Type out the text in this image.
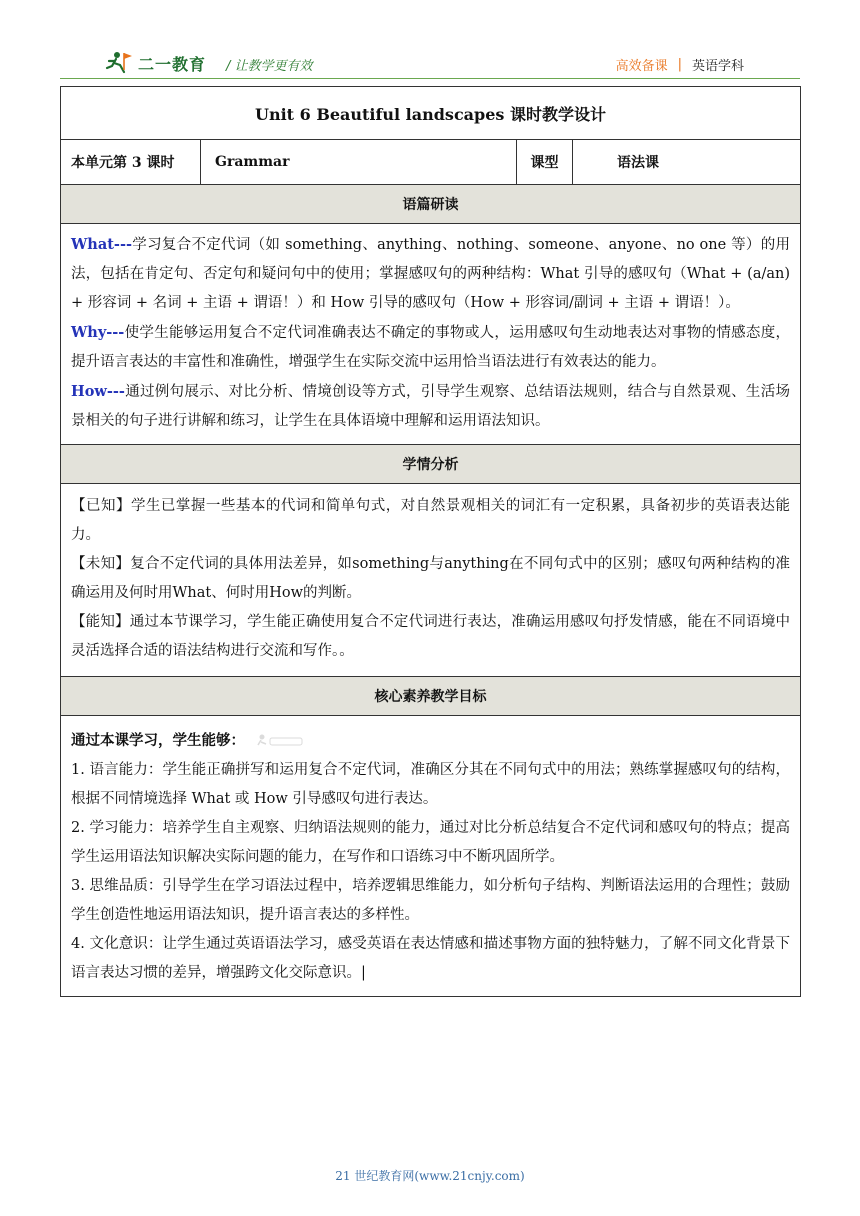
二一教育 / 让教学更有效	高效备课 | 英语学科
Unit 6 Beautiful landscapes 课时教学设计
本单元第 3 课时	Grammar	课型	语法课
语篇研读

What---学习复合不定代词（如 something、anything、nothing、someone、anyone、no one 等）的用法，包括在肯定句、否定句和疑问句中的使用；掌握感叹句的两种结构：What 引导的感叹句（What + (a/an) + 形容词 + 名词 + 主语 + 谓语！）和 How 引导的感叹句（How + 形容词/副词 + 主语 + 谓语！）。

Why---使学生能够运用复合不定代词准确表达不确定的事物或人，运用感叹句生动地表达对事物的情感态度，提升语言表达的丰富性和准确性，增强学生在实际交流中运用恰当语法进行有效表达的能力。

How---通过例句展示、对比分析、情境创设等方式，引导学生观察、总结语法规则，结合与自然景观、生活场景相关的句子进行讲解和练习，让学生在具体语境中理解和运用语法知识。

学情分析

【已知】学生已掌握一些基本的代词和简单句式，对自然景观相关的词汇有一定积累，具备初步的英语表达能力。

【未知】复合不定代词的具体用法差异，如something与anything在不同句式中的区别；感叹句两种结构的准确运用及何时用What、何时用How的判断。

【能知】通过本节课学习，学生能正确使用复合不定代词进行表达，准确运用感叹句抒发情感，能在不同语境中灵活选择合适的语法结构进行交流和写作。。

核心素养教学目标

通过本课学习，学生能够：

1. 语言能力：学生能正确拼写和运用复合不定代词，准确区分其在不同句式中的用法；熟练掌握感叹句的结构，根据不同情境选择 What 或 How 引导感叹句进行表达。

2. 学习能力：培养学生自主观察、归纳语法规则的能力，通过对比分析总结复合不定代词和感叹句的特点；提高学生运用语法知识解决实际问题的能力，在写作和口语练习中不断巩固所学。

3. 思维品质：引导学生在学习语法过程中，培养逻辑思维能力，如分析句子结构、判断语法运用的合理性；鼓励学生创造性地运用语法知识，提升语言表达的多样性。

4. 文化意识：让学生通过英语语法学习，感受英语在表达情感和描述事物方面的独特魅力，了解不同文化背景下语言表达习惯的差异，增强跨文化交际意识。|

21 世纪教育网(www.21cnjy.com)
